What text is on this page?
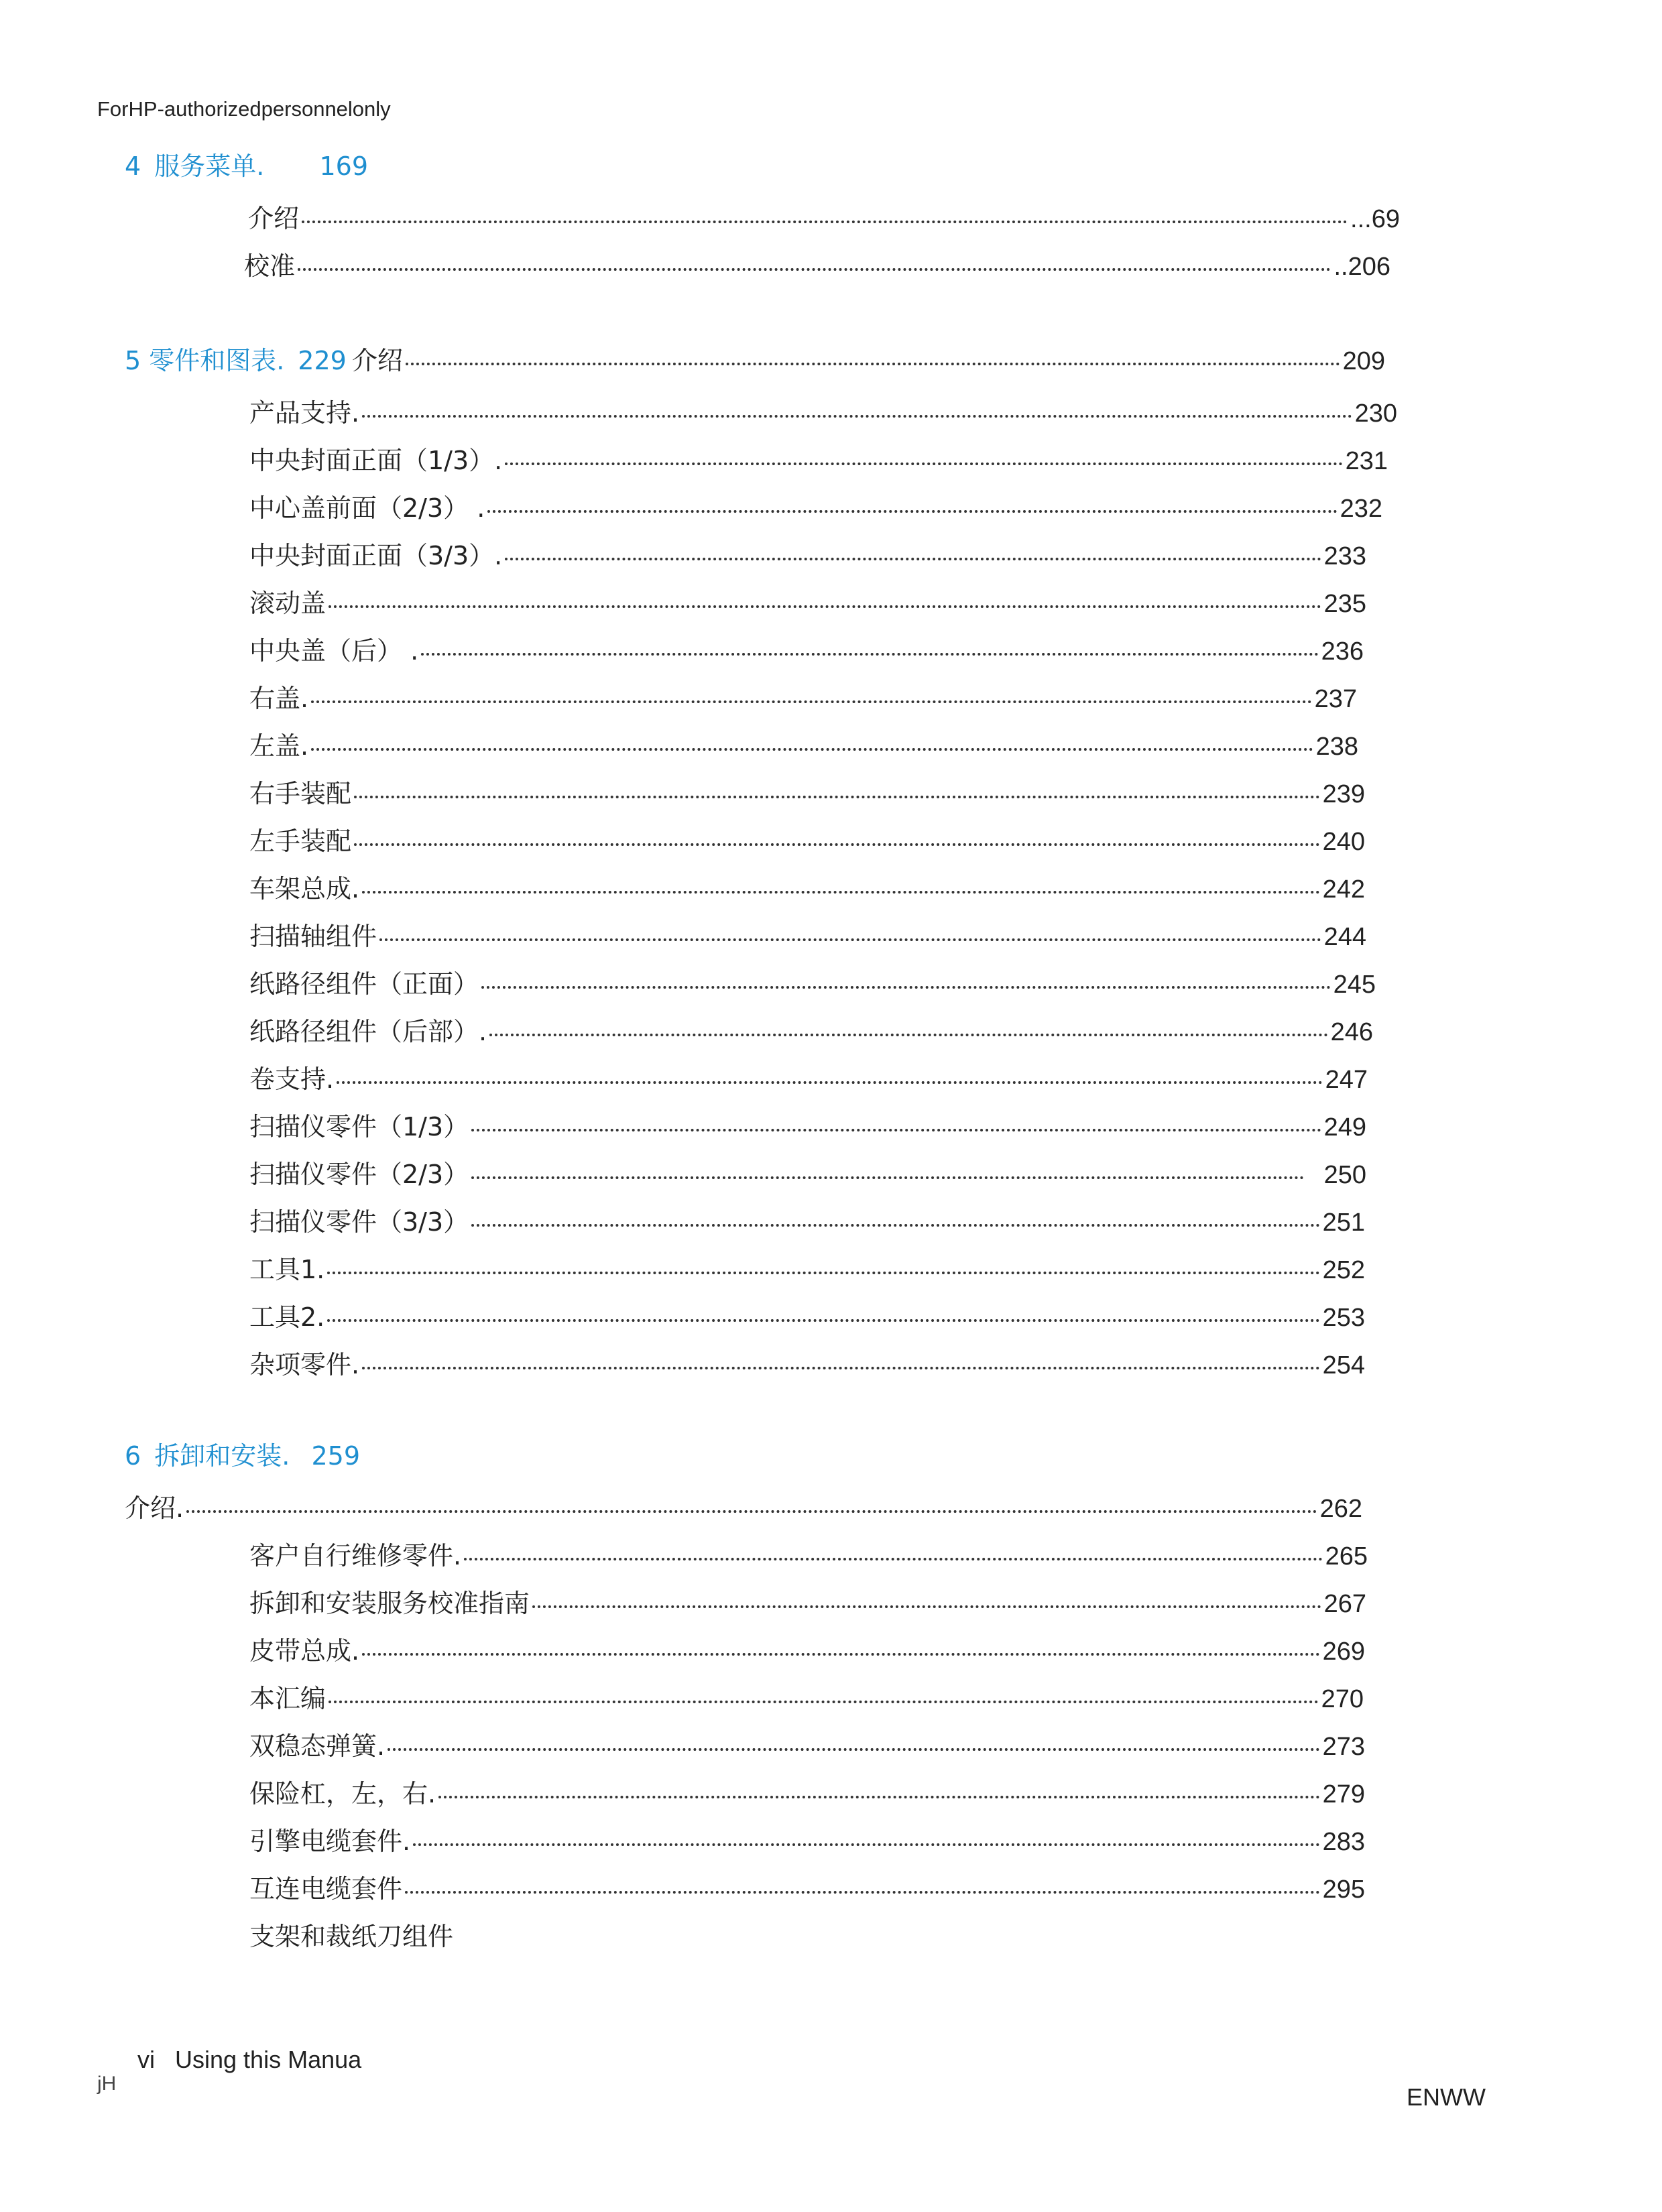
ForHP-authorizedpersonnelonly
4 服务菜单. 169
介绍	...69
校准	..206
5 零件和图表. 229 介绍	209
产品支持.	230
中央封面正面（1/3）.	231
中心盖前面（2/3） .	232
中央封面正面（3/3）.	233
滚动盖	235
中央盖（后） .	236
右盖.	237
左盖.	238
右手装配	239
左手装配	240
车架总成.	242
扫描轴组件	244
纸路径组件（正面）	245
纸路径组件（后部）.	246
卷支持.	247
扫描仪零件（1/3）	249
扫描仪零件（2/3）	250
扫描仪零件（3/3）	251
工具1.	252
工具2.	253
杂项零件.	254
6 拆卸和安装. 259
介绍.	262
客户自行维修零件.	265
拆卸和安装服务校准指南	267
皮带总成.	269
本汇编	270
双稳态弹簧.	273
保险杠，左，右.	279
引擎电缆套件.	283
互连电缆套件	295
支架和裁纸刀组件
vi Using this Manua
jH	ENWW
